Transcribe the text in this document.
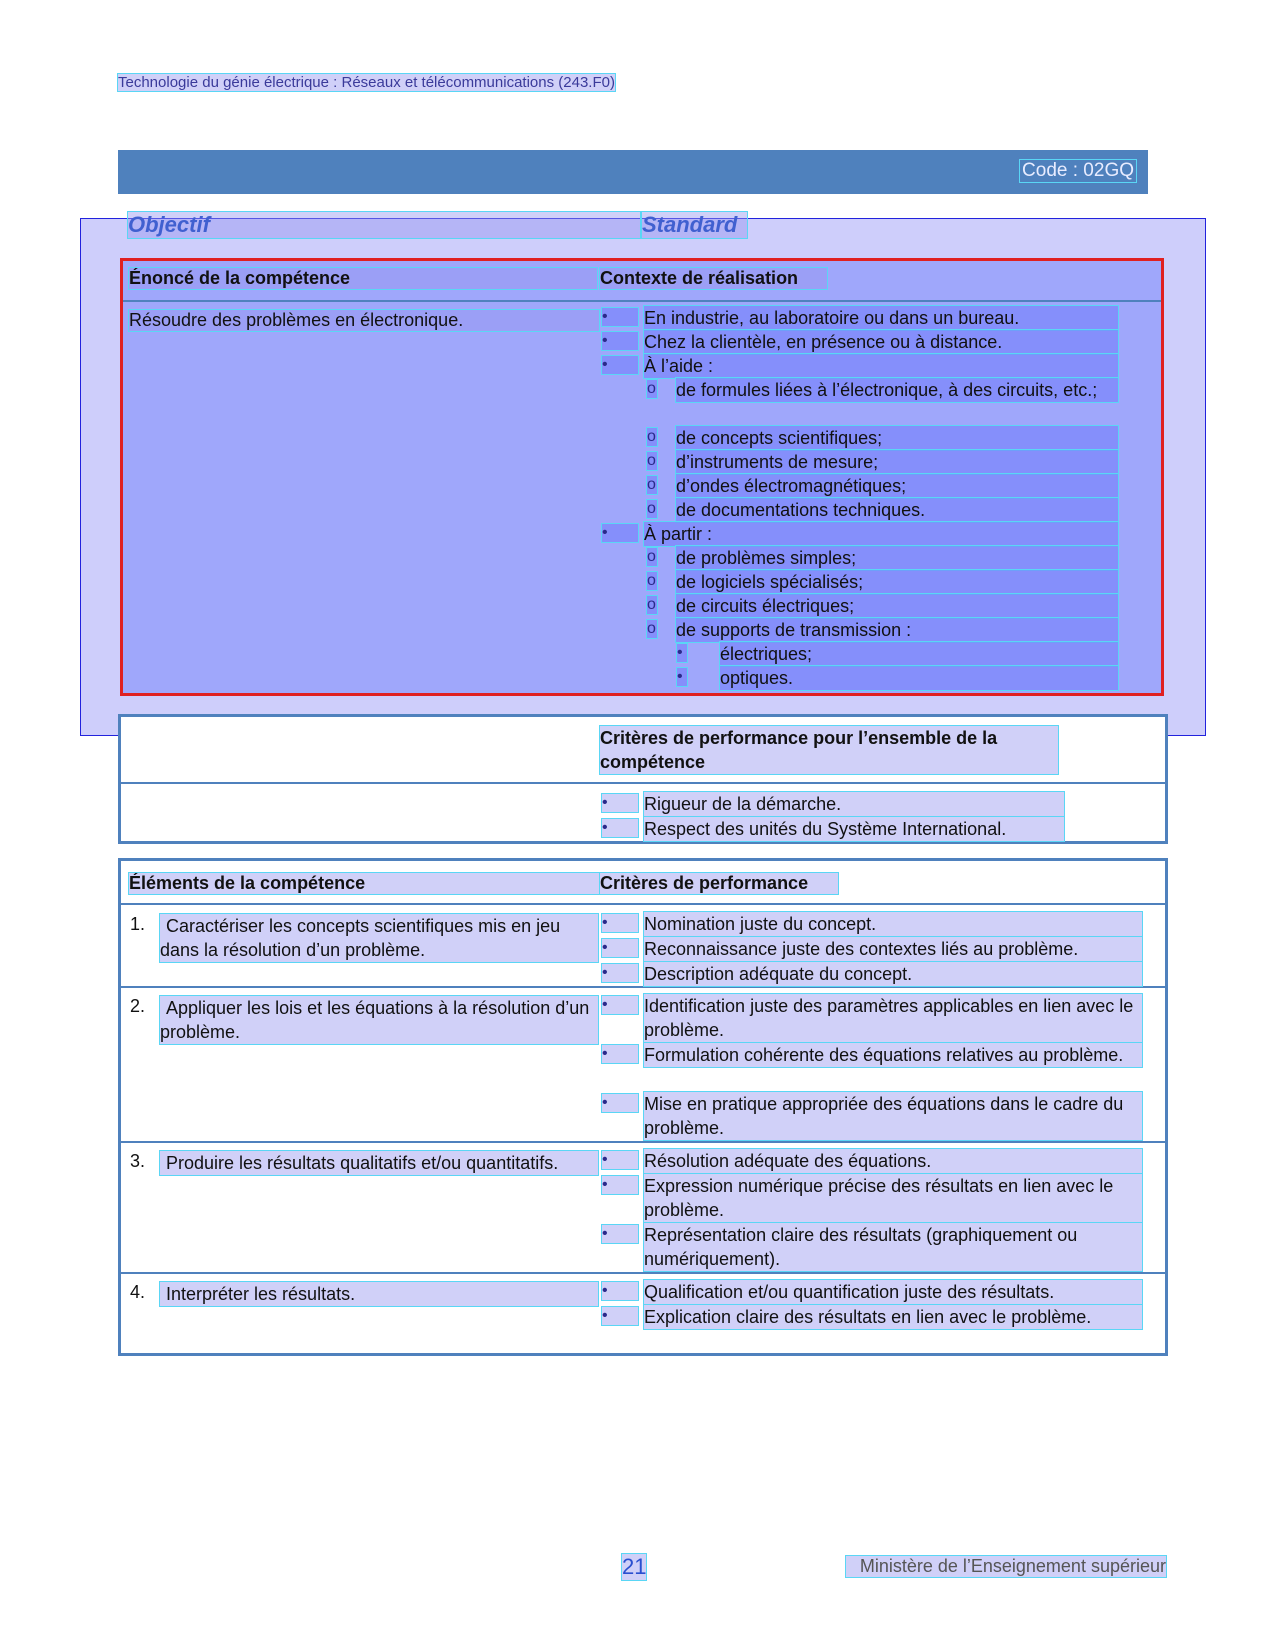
Technologie du génie électrique : Réseaux et télécommunications (243.F0)
Code : 02GQ
Objectif	Standard
Énoncé de la compétence	Contexte de réalisation
Résoudre des problèmes en électronique.	•	En industrie, au laboratoire ou dans un bureau.
•	Chez la clientèle, en présence ou à distance.
•	À l’aide :
o de formules liées à l’électronique, à des circuits, etc.;
o de concepts scientifiques;
o d’instruments de mesure;
o d’ondes électromagnétiques;
o de documentations techniques.
•	À partir :
o de problèmes simples;
o de logiciels spécialisés;
o de circuits électriques;
o de supports de transmission :
• électriques;
• optiques.
Critères de performance pour l’ensemble de la compétence
•	Rigueur de la démarche.
•	Respect des unités du Système International.
Éléments de la compétence	Critères de performance
1.	Caractériser les concepts scientifiques mis en jeu dans la résolution d’un problème.
•	Nomination juste du concept.
•	Reconnaissance juste des contextes liés au problème.
•	Description adéquate du concept.
2.	Appliquer les lois et les équations à la résolution d’un problème.
•	Identification juste des paramètres applicables en lien avec le problème.
•	Formulation cohérente des équations relatives au problème.
•	Mise en pratique appropriée des équations dans le cadre du problème.
3.	Produire les résultats qualitatifs et/ou quantitatifs.	•	Résolution adéquate des équations.
•	Expression numérique précise des résultats en lien avec le problème.
•	Représentation claire des résultats (graphiquement ou numériquement).
4.	Interpréter les résultats.	•	Qualification et/ou quantification juste des résultats.
•	Explication claire des résultats en lien avec le problème.
21	Ministère de l’Enseignement supérieur
